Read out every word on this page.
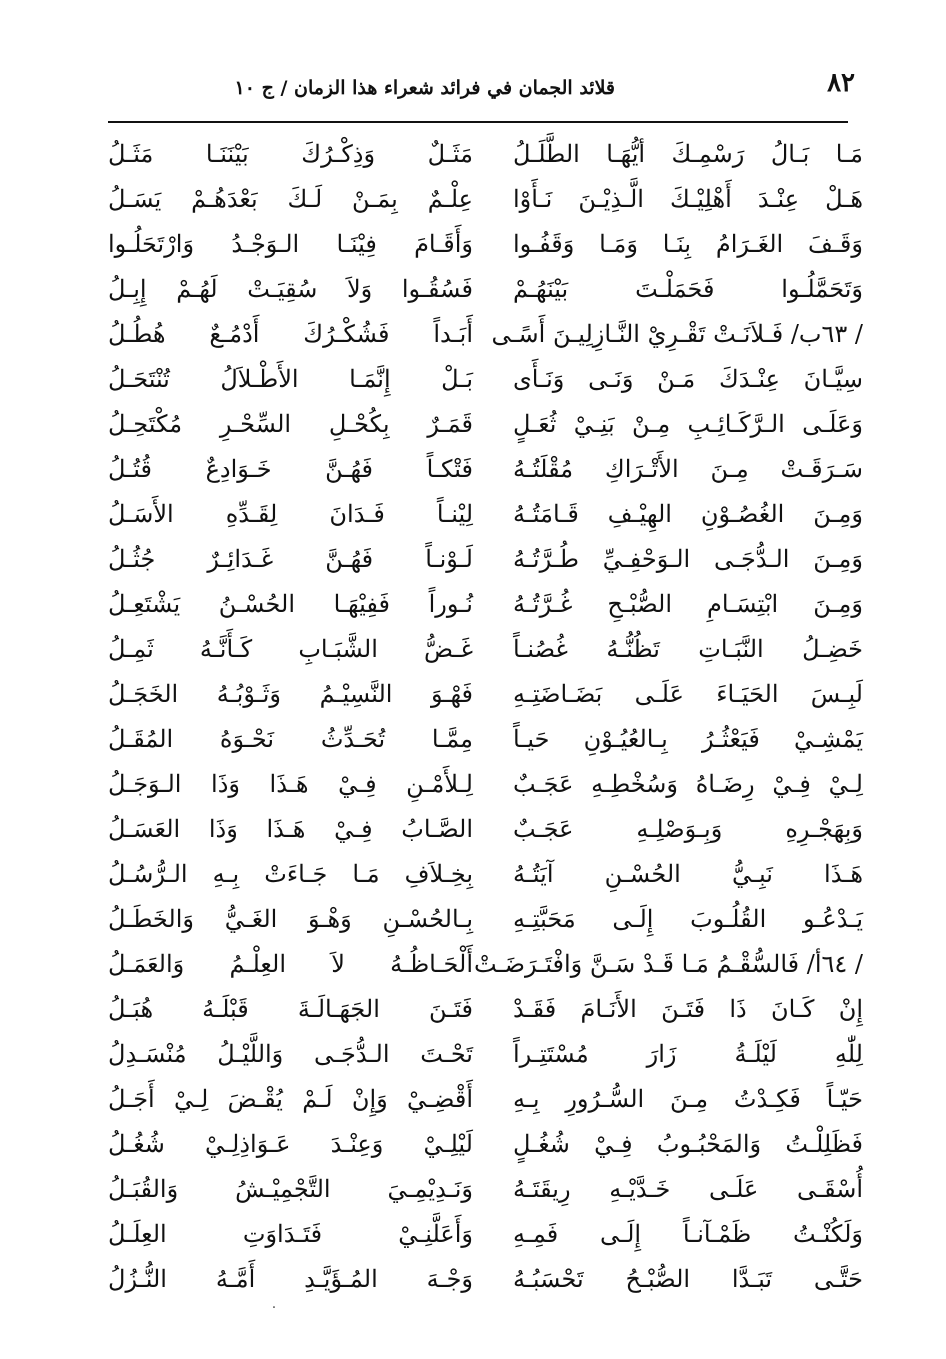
٨٢
قلائد الجمان في فرائد شعراء هذا الزمان / ج ١٠
مَـا بَـالُ رَسْمِـكَ أيُّهَـا الطَّلَـلُ
مَثَـلٌ وَذِكْـرُكَ بَيْنَنَـا مَثَـلُ
هَـلْ عِنْـدَ أَهْلِيْـكَ الَّـذِيْـنَ نَـأَوْا
عِلْـمٌ بِمَـنْ لَـكَ بَعْدَهُـمْ يَسَـلُ
وَقَـفَ الغَـرَامُ بِنَـا وَمَـا وَقَفُـوا
وَأَقَـامَ فِيْنَـا الـوَجْـدُ وَارْتَحَلُـوا
وَتَحَمَّلُـوا فَحَمَلْـتَ بَيْنَهُـمْ
فَسُقُـوا وَلاَ سُقِيَـتْ لَهُـمْ إِبِـلُ
/ ٦٣ب/ فَـلاَنَـتْ تَقْـرِيْ النَّـازِلِيـنَ أَسًـى
أَبَـداً فَشُكْـرُكَ أَدْمُـعٌ هُطُـلُ
سِيَّـانَ عِنْـدَكَ مَـنْ وَنَـى وَنَـأَى
بَـلْ إِنَّمَـا الأَطْـلاَلُ تُنْتَحَـلُ
وَعَلَـى الـرَّكَـائِـبِ مِـنْ بَنِـيْ ثُعَـلٍ
قَمَـرٌ بِكُحْـلِ السِّحْـرِ مُكْتَحِـلُ
سَـرَقَـتْ مِـنَ الأَتْـرَاكِ مُقْلَتُـهُ
فَتْكـاً فَهُـنَّ خَـوَادِعٌ قُتُـلُ
وَمِـنَ الغُصُـوْنِ الهِيْـفِ قَـامَتُـهُ
لِيْنـاً فَـدَانَ لِقَـدِّهِ الأَسَـلُ
وَمِـنَ الـدُّجَـى الـوَحْفِـيِّ طُـرَّتُـهُ
لَـوْنـاً فَهُـنَّ غَـدَائِـرٌ جُثُـلُ
وَمِـنَ ابْتِسَـامِ الصُّبْـحِ غُـرَّتُـهُ
نُـوراً فَفِيْهَـا الحُسْـنُ يَشْتَعِـلُ
خَضِـلُ النَّبَـاتِ تَظُنُّـهُ غُصُنـاً
غَـضُّ الشَّبَـابِ كَـأَنَّـهُ ثَمِـلُ
لَبِـسَ الحَيَـاءَ عَلَـى بَضَـاضَتِـهِ
فَهْـوَ النَّسِيْـمُ وَثَـوْبُـهُ الخَجَـلُ
يَمْشِـيْ فَيَعْثُـرُ بِـالعُيُـوْنِ حَيـاً
مِمَّـا تُحَـدِّثُ نَحْـوَهُ المُقَـلُ
لِـيْ فِـيْ رِضَـاهُ وَسُخْطِـهِ عَجَـبٌ
لِـلأَمْـنِ فِـيْ هَـذَا وَذَا الـوَجَـلُ
وَبِهَجْـرِهِ وَبِـوَصْلِـهِ عَجَـبٌ
الصَّـابُ فِـيْ هَـذَا وَذَا العَسَـلُ
هَـذَا نَبِـيُّ الحُسْـنِ آيَتُـهُ
بِخِـلاَفِ مَـا جَـاءَتْ بِـهِ الـرُّسُـلُ
يَـدْعُـو القُلُـوبَ إِلَـى مَحَبَّتِـهِ
بِـالحُسْـنِ وَهْـوَ الغَـيُّ وَالخَطَـلُ
/ ٦٤أ/ فَالسُّقْـمُ مَـا قَـدْ سَـنَّ وَافْتَـرَضَـتْ
أَلْحَـاظُـهُ لاَ العِلْـمُ وَالعَمَـلُ
إِنْ كَـانَ ذَا فَتَـنَ الأَنَـامَ فَقَـدْ
فَتَـنَ الجَهَـالَـةَ قَبْلَـهُ هُبَـلُ
لِلّٰهِ لَيْلَـةُ زَارَ مُسْتَتِـراً
تَحْـتَ الـدُّجَـى وَاللَّيْـلُ مُنْسَـدِلُ
حَيّـاً فَكِـدْتُ مِـنَ السُّـرُورِ بِـهِ
أَقْضِـيْ وَإِنْ لَـمْ يُقْـضَ لِـيْ أَجَـلُ
فَظَلِلْـتُ وَالمَحْبُـوبُ فِـيْ شُغُـلٍ
لَيْلِـيْ وَعِنْـدَ عَـوَاذِلِـيْ شُغُـلُ
أُسْقَـى عَلَـى خَـدَّيْـهِ رِيقَتَـهُ
وَنَـدِيْمِـيَ التَّجْمِيْـشُ وَالقُبَـلُ
وَلَكُنْـتُ ظَمْـآنـاً إِلَـى فَمِـهِ
وَأَعَلَّنِـيْ فَتَـدَاوَتِ العِلَـلُ
حَتَّـى تَبَـدَّا الصُّبْـحُ تَحْسَبُـهُ
وَجْـهَ المُـؤَيَّـدِ أَمَّـهُ النُّـزُلُ
.
